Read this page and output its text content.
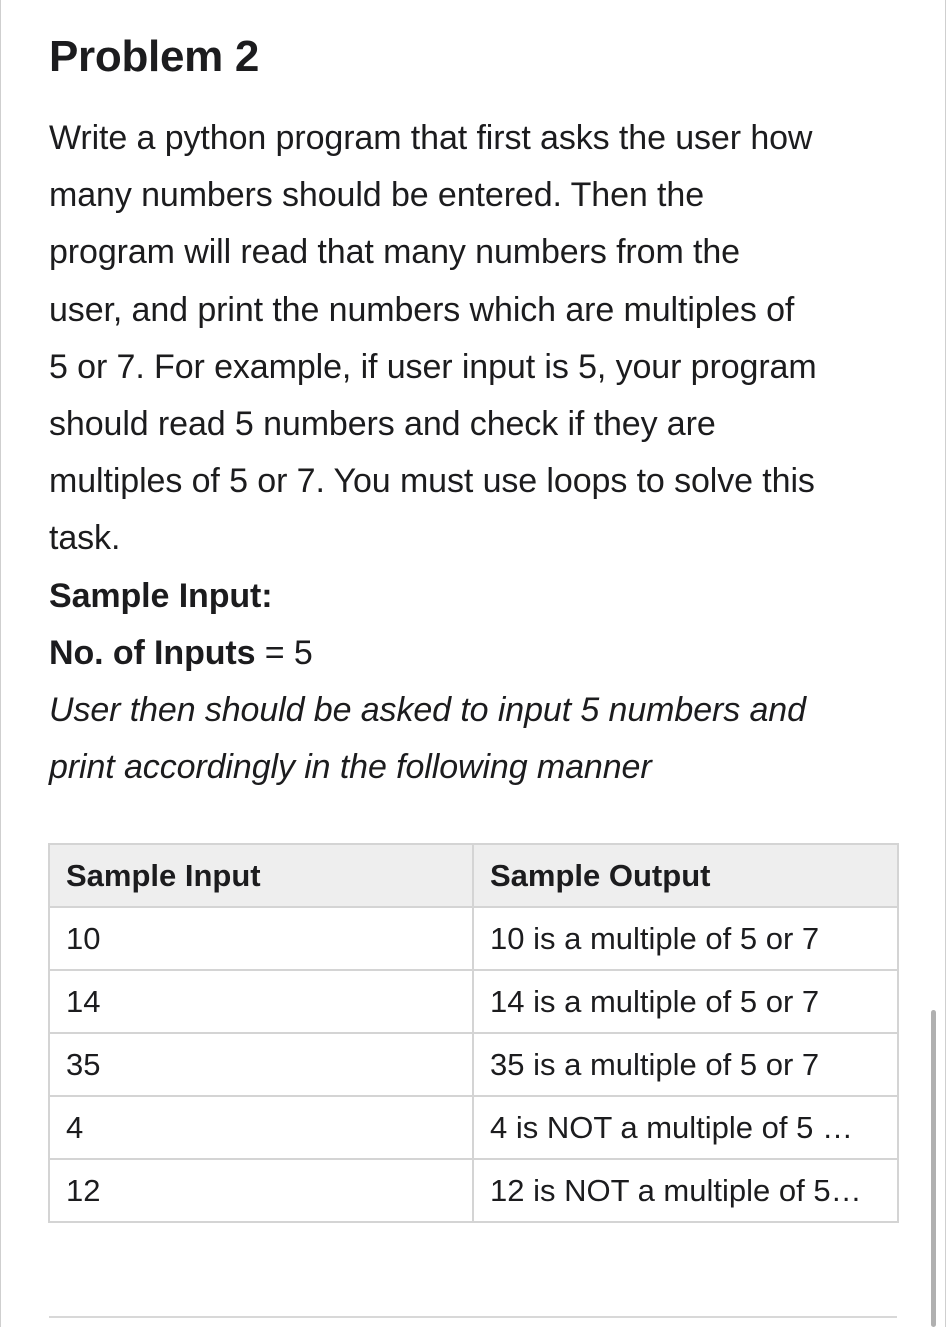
Problem 2

Write a python program that first asks the user how

many numbers should be entered. Then the

program will read that many numbers from the

user, and print the numbers which are multiples of

5 or 7. For example, if user input is 5, your program

should read 5 numbers and check if they are

multiples of 5 or 7. You must use loops to solve this

task.

Sample Input:

No. of Inputs = 5

User then should be asked to input 5 numbers and

print accordingly in the following manner

Sample Input	Sample Output
10	10 is a multiple of 5 or 7
14	14 is a multiple of 5 or 7
35	35 is a multiple of 5 or 7
4	4 is NOT a multiple of 5 …
12	12 is NOT a multiple of 5…
